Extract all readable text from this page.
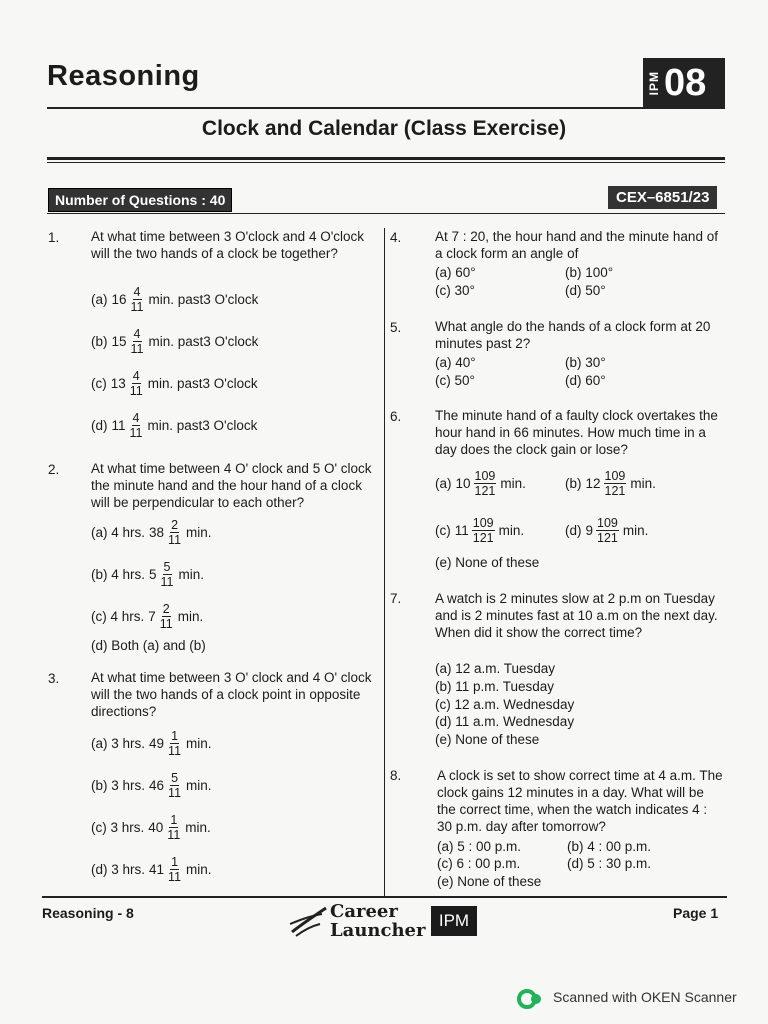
Reasoning	IPM 08
Clock and Calendar (Class Exercise)
Number of Questions : 40	CEX–6851/23
1. At what time between 3 O'clock and 4 O'clock will the two hands of a clock be together?
(a) $16 \frac{4}{11} \min$. past3 O'clock
(b) $15 \frac{4}{11} \min$. past3 O'clock
(c) $13 \frac{4}{11} \min$. past3 O'clock
(d) $11 \frac{4}{11} \min$. past3 O'clock
2. At what time between 4 O' clock and 5 O' clock the minute hand and the hour hand of a clock will be perpendicular to each other?
(a) 4 hrs. $38 \frac{2}{11} \min$.
(b) 4 hrs. $5 \frac{5}{11} \min$.
(c) 4 hrs. $7 \frac{2}{11} \min$.
(d) Both (a) and (b)
3. At what time between 3 O' clock and 4 O' clock will the two hands of a clock point in opposite directions?
(a) 3 hrs. $49 \frac{1}{11} \min$.
(b) 3 hrs. $46 \frac{5}{11} \min$.
(c) 3 hrs. $40 \frac{1}{11} \min$.
(d) 3 hrs. $41 \frac{1}{11} \min$.
4. At 7 : 20, the hour hand and the minute hand of a clock form an angle of
(a) 60°	(b) 100°
(c) 30°	(d) 50°
5. What angle do the hands of a clock form at 20 minutes past 2?
(a) 40°	(b) 30°
(c) 50°	(d) 60°
6. The minute hand of a faulty clock overtakes the hour hand in 66 minutes. How much time in a day does the clock gain or lose?
(a) $10 \frac{109}{121} \min$.	(b) $12 \frac{109}{121} \min$.
(c) $11 \frac{109}{121} \min$.	(d) $9 \frac{109}{121} \min$.
(e) None of these
7. A watch is 2 minutes slow at 2 p.m on Tuesday and is 2 minutes fast at 10 a.m on the next day. When did it show the correct time?
(a) 12 a.m. Tuesday
(b) 11 p.m. Tuesday
(c) 12 a.m. Wednesday
(d) 11 a.m. Wednesday
(e) None of these
8.	A clock is set to show correct time at 4 a.m. The clock gains 12 minutes in a day. What will be the correct time, when the watch indicates 4 : 30 p.m. day after tomorrow?
(a) 5 : 00 p.m.	(b) 4 : 00 p.m.
(c) 6 : 00 p.m.	(d) 5 : 30 p.m.
(e) None of these
Reasoning - 8	Career
Launcher IPM	Page 1
Scanned with OKEN Scanner
